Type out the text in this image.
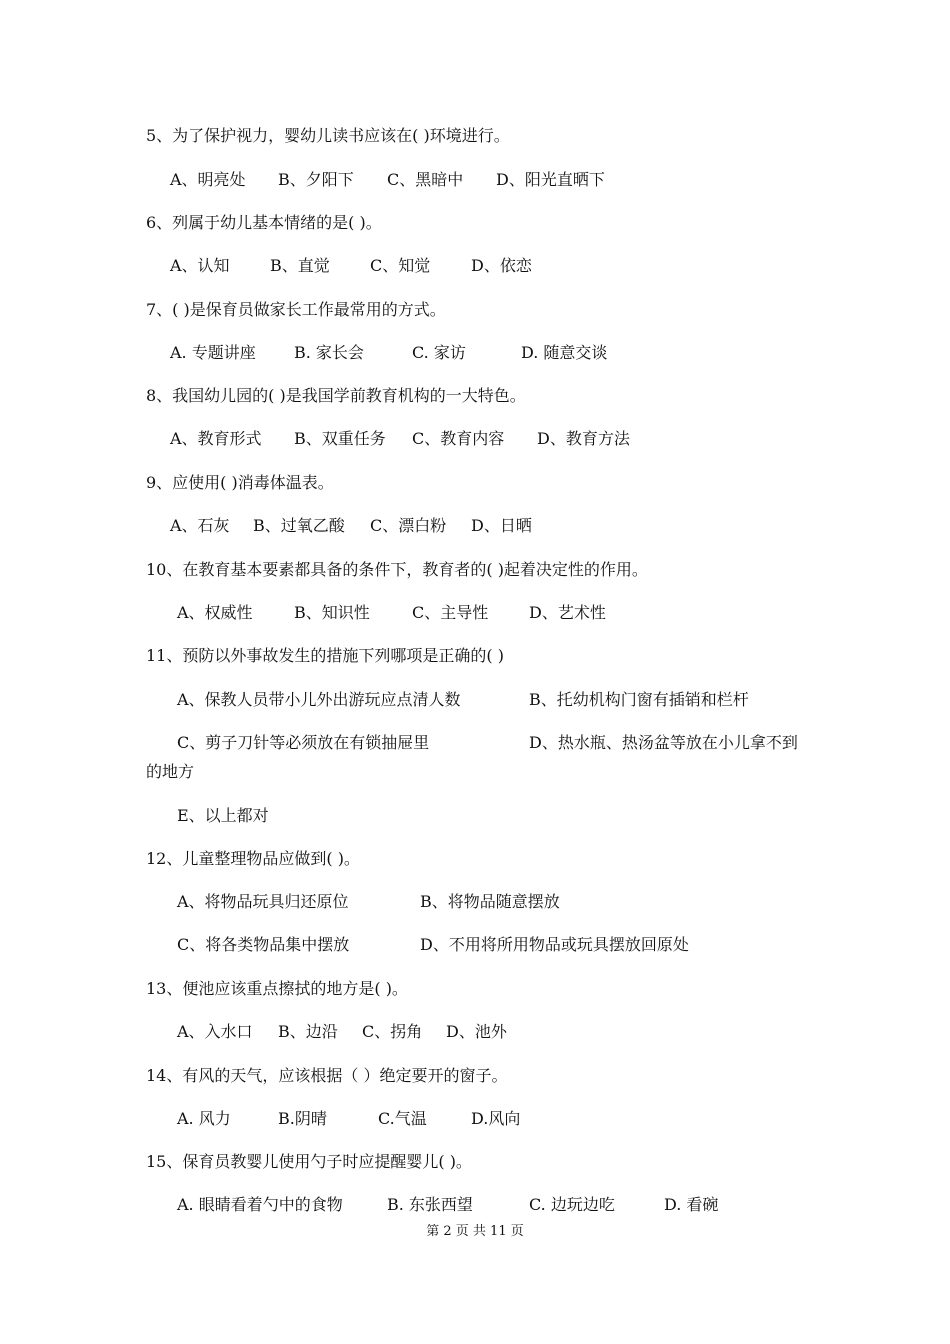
5、为了保护视力，婴幼儿读书应该在( )环境进行。
A、明亮处 B、夕阳下 C、黑暗中 D、阳光直晒下
6、列属于幼儿基本情绪的是( )。
A、认知	B、直觉	C、知觉	D、依恋
7、( )是保育员做家长工作最常用的方式。
A. 专题讲座 B. 家长会	C. 家访	D. 随意交谈
8、我国幼儿园的( )是我国学前教育机构的一大特色。
A、教育形式 B、双重任务 C、教育内容 D、教育方法
9、应使用( )消毒体温表。
A、石灰 B、过氧乙酸 C、漂白粉 D、日晒
10、在教育基本要素都具备的条件下，教育者的( )起着决定性的作用。
A、权威性	B、知识性	C、主导性	D、艺术性
11、预防以外事故发生的措施下列哪项是正确的( )
A、保教人员带小儿外出游玩应点清人数	B、托幼机构门窗有插销和栏杆
C、剪子刀针等必须放在有锁抽屉里	D、热水瓶、热汤盆等放在小儿拿不到
的地方
E、以上都对
12、儿童整理物品应做到( )。
A、将物品玩具归还原位	B、将物品随意摆放
C、将各类物品集中摆放	D、不用将所用物品或玩具摆放回原处
13、便池应该重点擦拭的地方是( )。
A、入水口 B、边沿 C、拐角 D、池外
14、有风的天气，应该根据（ ）绝定要开的窗子。
A. 风力	B.阴晴	C.气温	D.风向
15、保育员教婴儿使用勺子时应提醒婴儿( )。
A. 眼睛看着勺中的食物	B. 东张西望	C. 边玩边吃	D. 看碗
第 2 页 共 11 页
